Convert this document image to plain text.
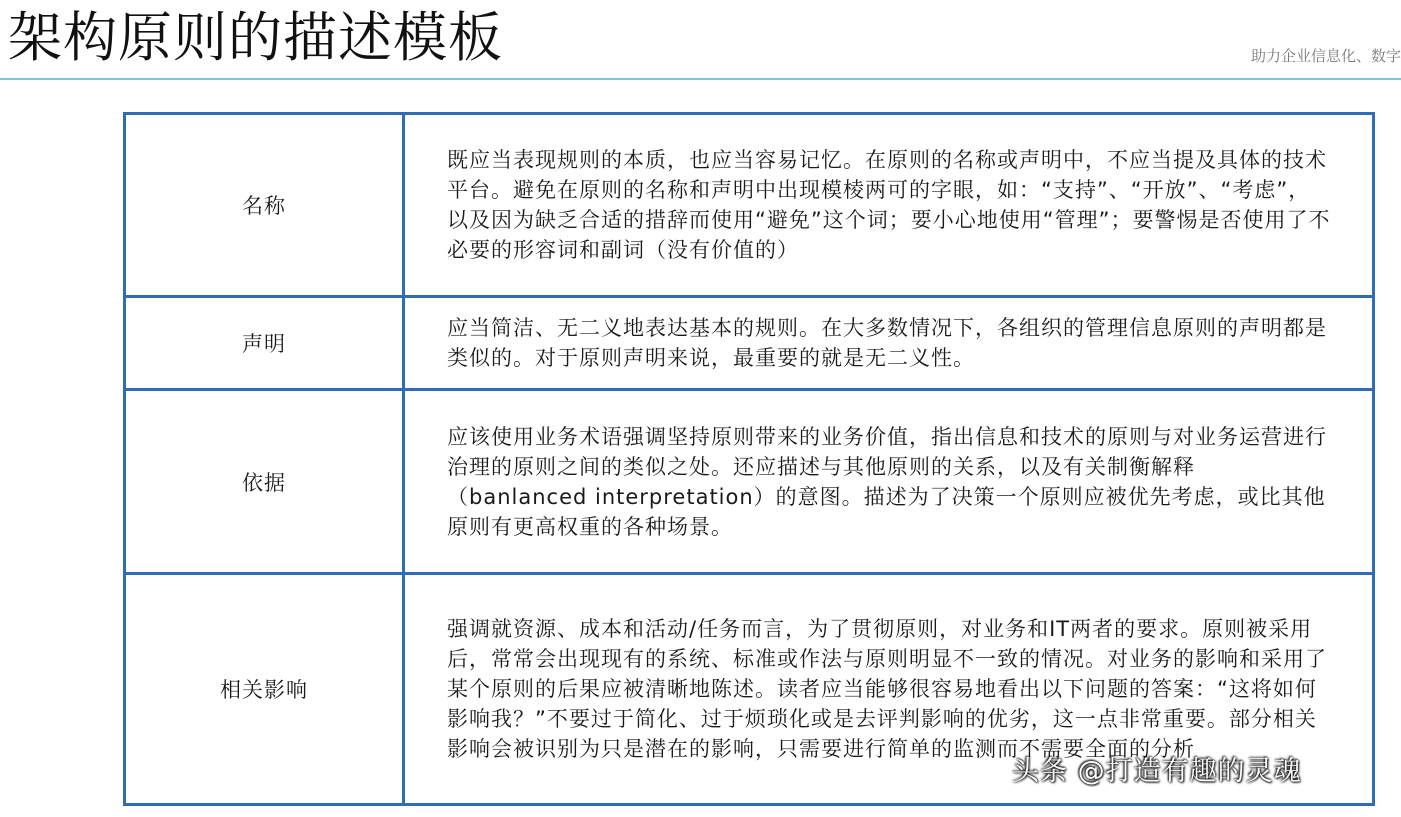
架构原则的描述模板	助力企业信息化、数字
名称	既应当表现规则的本质，也应当容易记忆。在原则的名称或声明中，不应当提及具体的技术平台。避免在原则的名称和声明中出现模棱两可的字眼，如：“支持”、“开放”、“考虑”，以及因为缺乏合适的措辞而使用“避免”这个词；要小心地使用“管理”；要警惕是否使用了不必要的形容词和副词（没有价值的）

声明	应当简洁、无二义地表达基本的规则。在大多数情况下，各组织的管理信息原则的声明都是类似的。对于原则声明来说，最重要的就是无二义性。

依据	应该使用业务术语强调坚持原则带来的业务价值，指出信息和技术的原则与对业务运营进行治理的原则之间的类似之处。还应描述与其他原则的关系，以及有关制衡解释（banlanced interpretation）的意图。描述为了决策一个原则应被优先考虑，或比其他原则有更高权重的各种场景。

相关影响	强调就资源、成本和活动/任务而言，为了贯彻原则，对业务和IT两者的要求。原则被采用后，常常会出现现有的系统、标准或作法与原则明显不一致的情况。对业务的影响和采用了某个原则的后果应被清晰地陈述。读者应当能够很容易地看出以下问题的答案：“这将如何影响我？”不要过于简化、过于烦琐化或是去评判影响的优劣，这一点非常重要。部分相关影响会被识别为只是潜在的影响，只需要进行简单的监测而不需要全面的分析
头条 @打造有趣的灵魂
